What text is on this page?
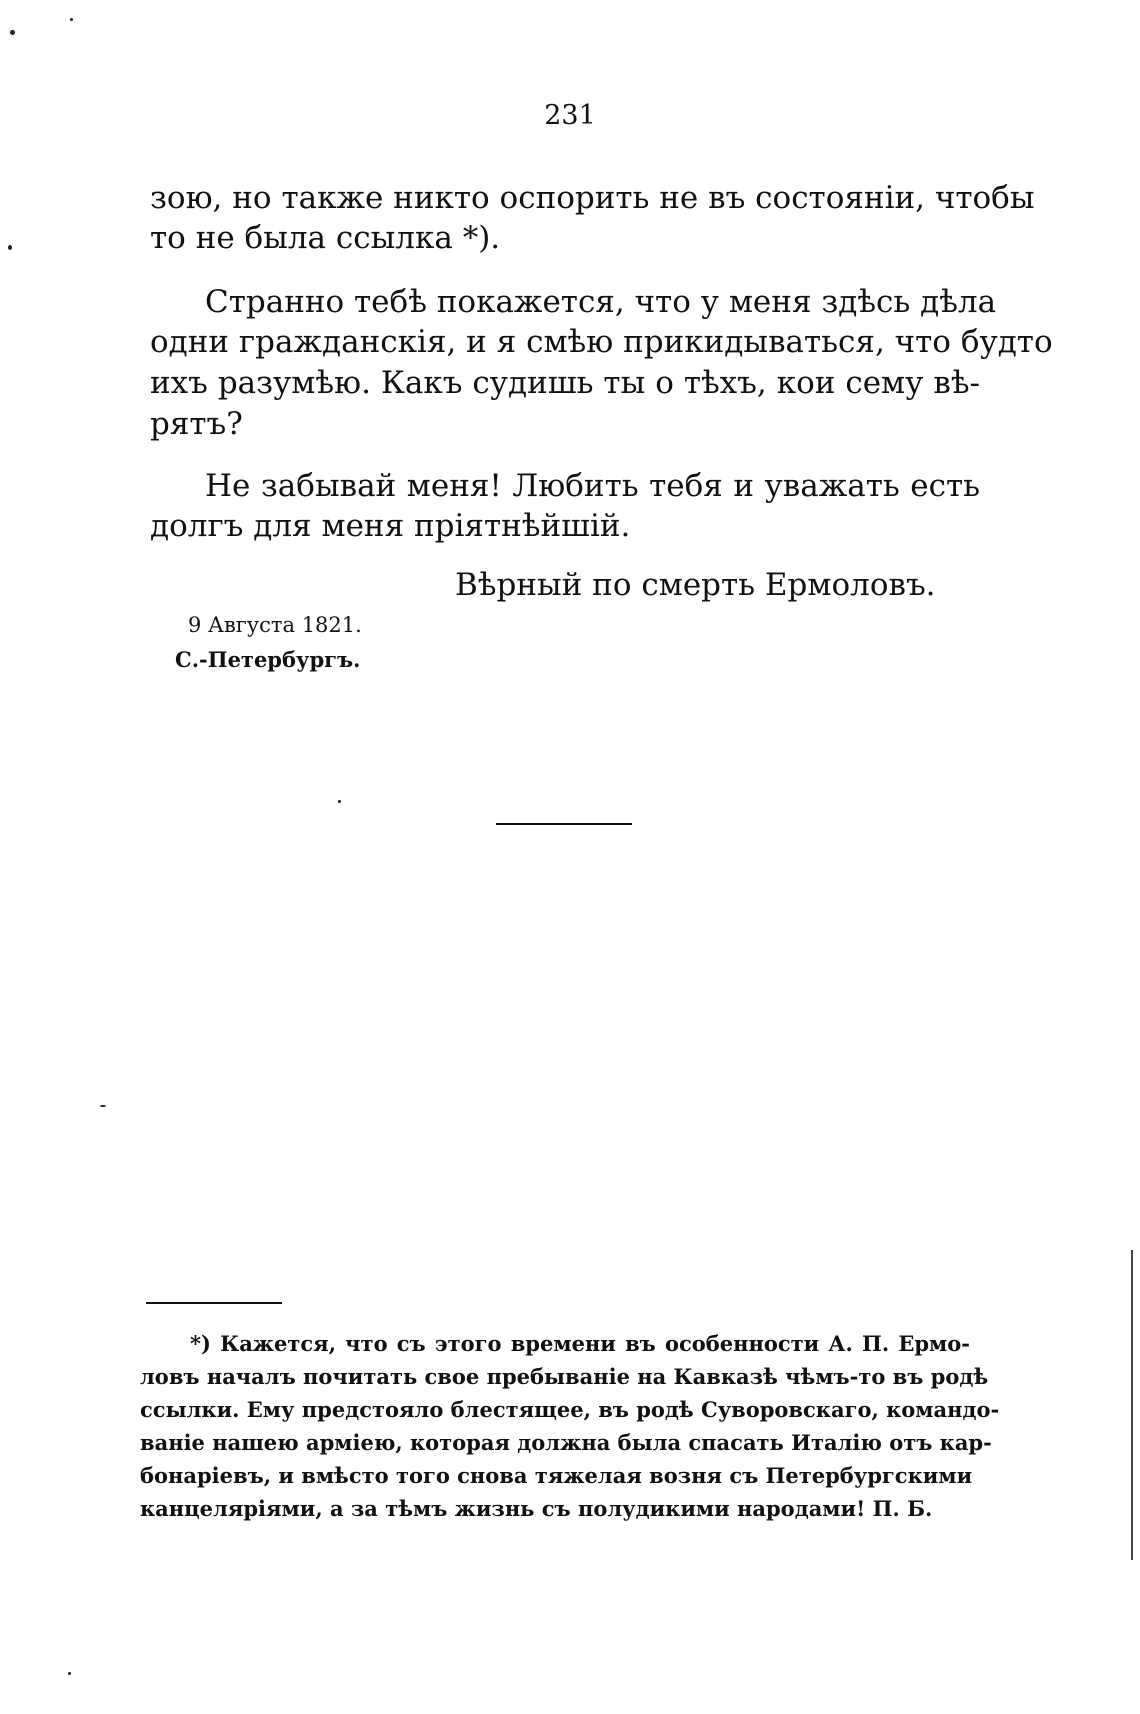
231
зою, но также никто оспорить не въ состоянiи, чтобы
то не была ссылка *).
Странно тебѣ покажется, что у меня здѣсь дѣла
одни гражданскiя, и я смѣю прикидываться, что будто
ихъ разумѣю. Какъ судишь ты о тѣхъ, кои сему вѣ-
рятъ?
Не забывай меня! Любить тебя и уважать есть
долгъ для меня прiятнѣйшiй.
Вѣрный по смерть Ермоловъ.
9 Августа 1821.
С.-Петербургъ.
*) Кажется, что съ этого времени въ особенности А. П. Ермо-
ловъ началъ почитать свое пребыванiе на Кавказѣ чѣмъ-то въ родѣ
ссылки. Ему предстояло блестящее, въ родѣ Суворовскаго, командо-
ванiе нашею армiею, которая должна была спасать Италiю отъ кар-
бонарiевъ, и вмѣсто того снова тяжелая возня съ Петербургскими
канцелярiями, а за тѣмъ жизнь съ полудикими народами! П. Б.
